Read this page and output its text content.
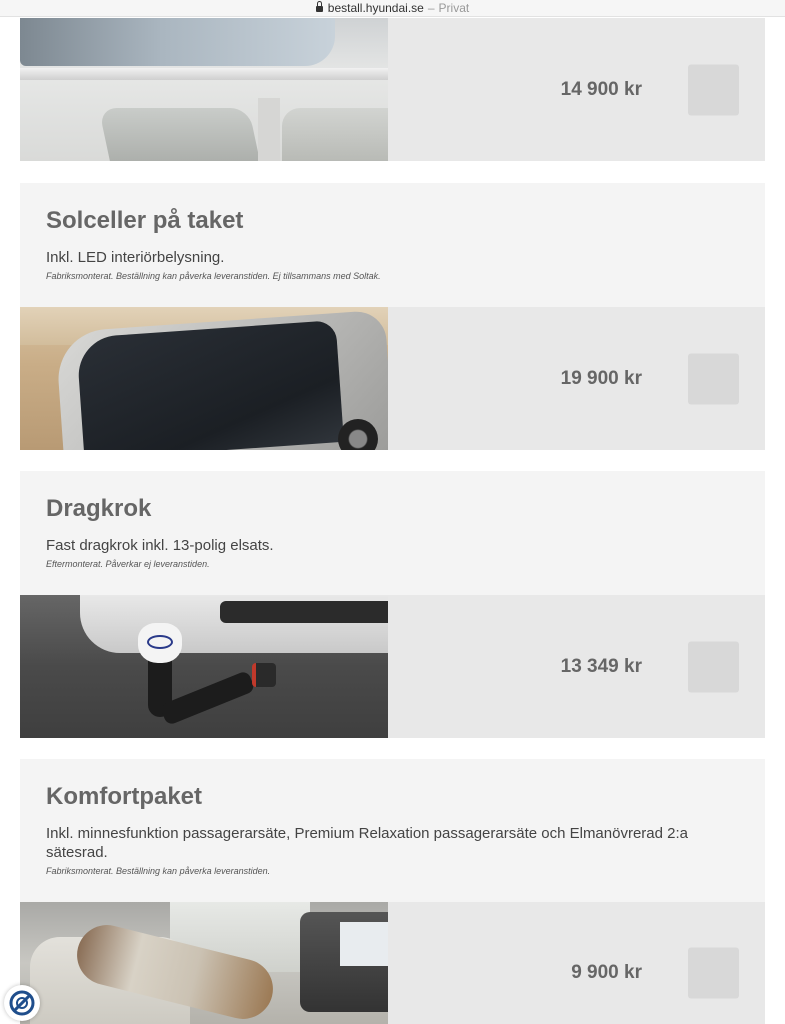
bestall.hyundai.se – Privat
14 900 kr
Solceller på taket
Inkl. LED interiörbelysning.
Fabriksmonterat. Beställning kan påverka leveranstiden. Ej tillsammans med Soltak.
19 900 kr
Dragkrok
Fast dragkrok inkl. 13-polig elsats.
Eftermonterat. Påverkar ej leveranstiden.
13 349 kr
Komfortpaket
Inkl. minnesfunktion passagerarsäte, Premium Relaxation passagerarsäte och Elmanövrerad 2:a sätesrad.
Fabriksmonterat. Beställning kan påverka leveranstiden.
9 900 kr
